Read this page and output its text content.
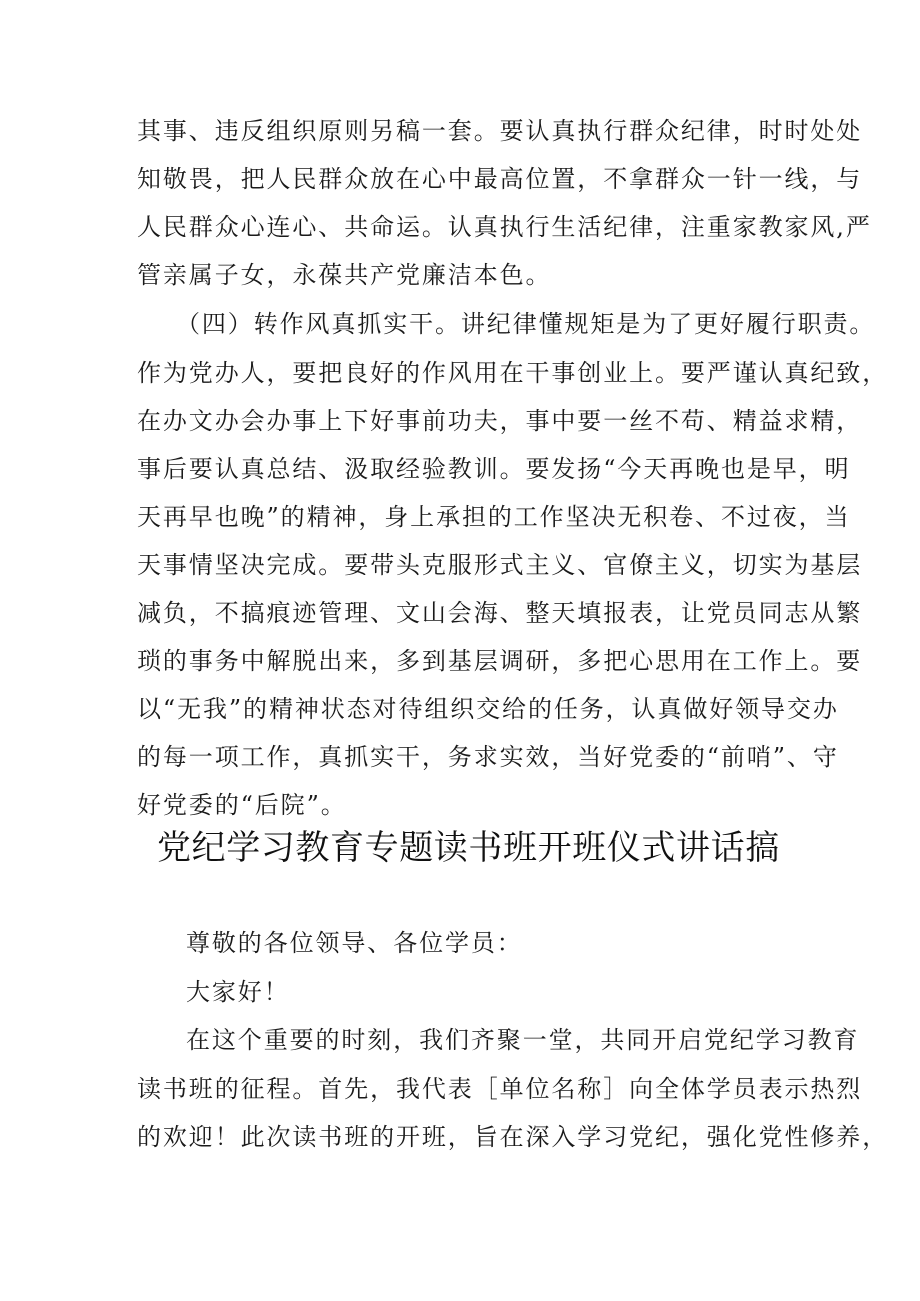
其事、违反组织原则另稿一套。要认真执行群众纪律，时时处处
知敬畏，把人民群众放在心中最高位置，不拿群众一针一线，与
人民群众心连心、共命运。认真执行生活纪律，注重家教家风,严
管亲属子女，永葆共产党廉洁本色。
（四）转作风真抓实干。讲纪律懂规矩是为了更好履行职责。
作为党办人，要把良好的作风用在干事创业上。要严谨认真纪致，
在办文办会办事上下好事前功夫，事中要一丝不苟、精益求精，
事后要认真总结、汲取经验教训。要发扬“今天再晚也是早，明
天再早也晚”的精神，身上承担的工作坚决无积卷、不过夜，当
天事情坚决完成。要带头克服形式主义、官僚主义，切实为基层
减负，不搞痕迹管理、文山会海、整天填报表，让党员同志从繁
琐的事务中解脱出来，多到基层调研，多把心思用在工作上。要
以“无我”的精神状态对待组织交给的任务，认真做好领导交办
的每一项工作，真抓实干，务求实效，当好党委的“前哨”、守
好党委的“后院”。
党纪学习教育专题读书班开班仪式讲话搞
尊敬的各位领导、各位学员：
大家好！
在这个重要的时刻，我们齐聚一堂，共同开启党纪学习教育
读书班的征程。首先，我代表［单位名称］向全体学员表示热烈
的欢迎！此次读书班的开班，旨在深入学习党纪，强化党性修养，
